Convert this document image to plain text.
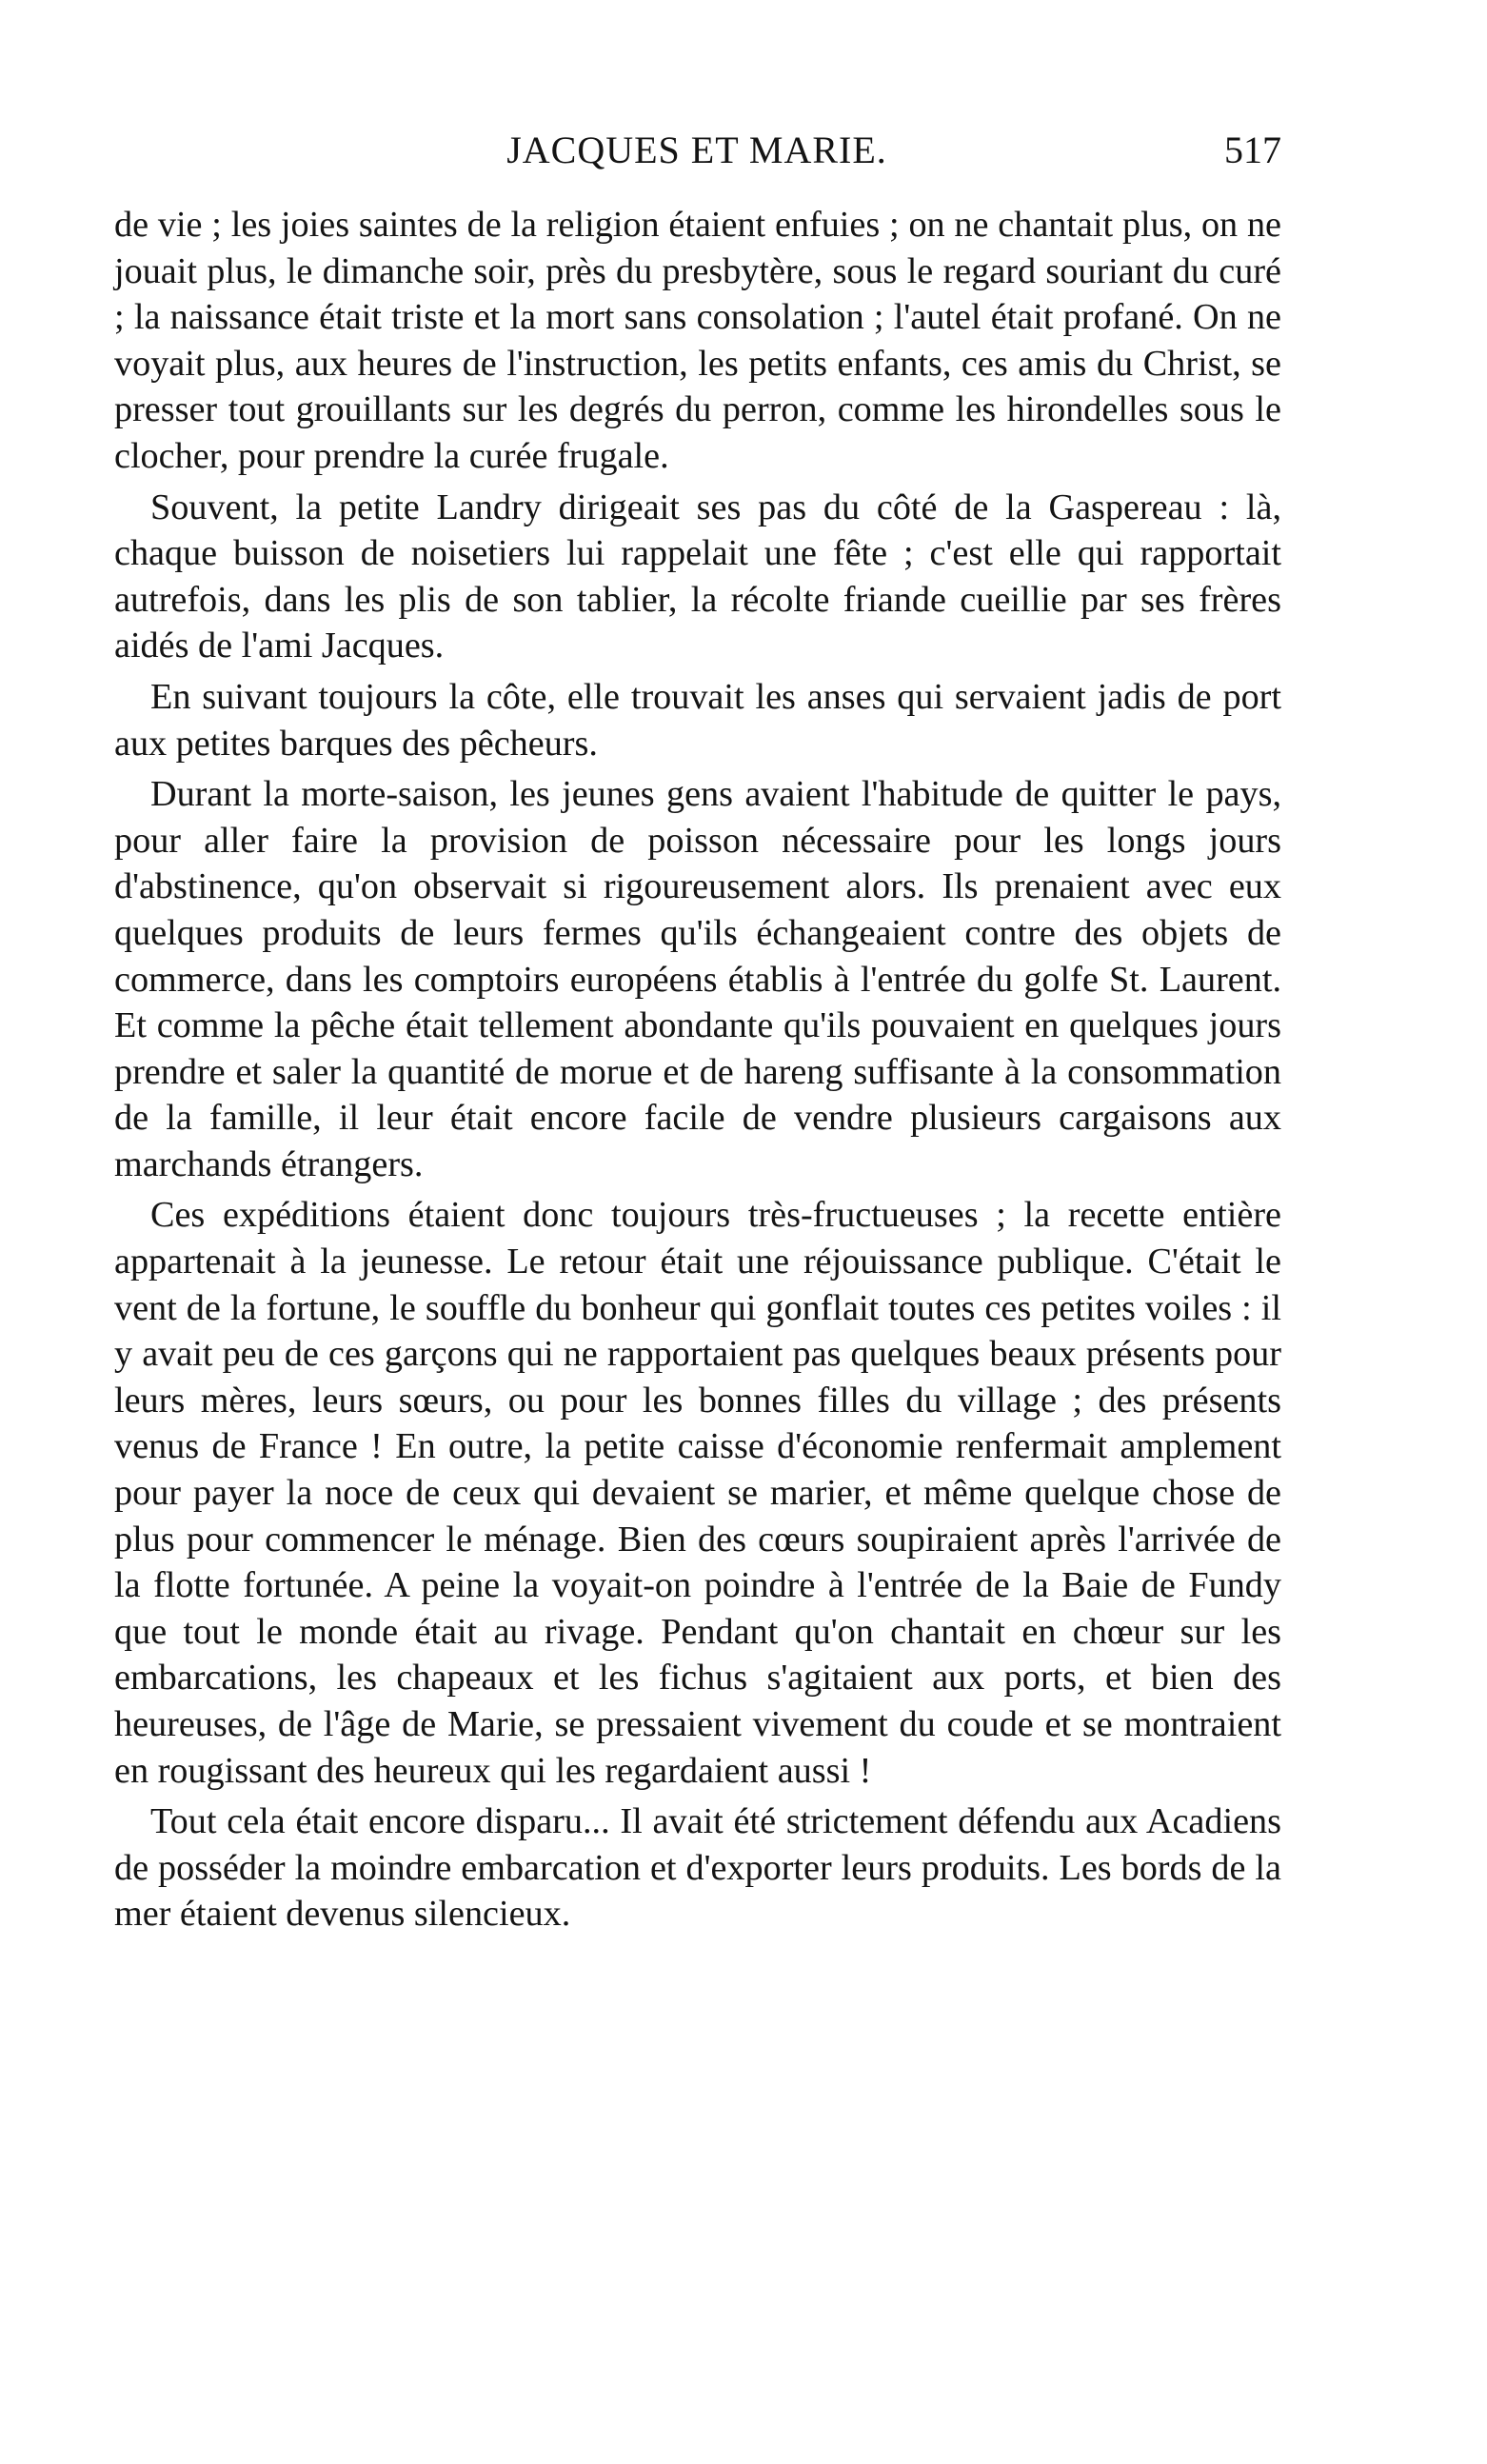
JACQUES ET MARIE.	517

de vie ; les joies saintes de la religion étaient enfuies ; on ne chantait plus, on ne jouait plus, le dimanche soir, près du presbytère, sous le regard souriant du curé ; la naissance était triste et la mort sans consolation ; l'autel était profané. On ne voyait plus, aux heures de l'instruction, les petits enfants, ces amis du Christ, se presser tout grouillants sur les degrés du perron, comme les hirondelles sous le clocher, pour prendre la curée frugale.

Souvent, la petite Landry dirigeait ses pas du côté de la Gaspereau : là, chaque buisson de noisetiers lui rappelait une fête ; c'est elle qui rapportait autrefois, dans les plis de son tablier, la récolte friande cueillie par ses frères aidés de l'ami Jacques.

En suivant toujours la côte, elle trouvait les anses qui servaient jadis de port aux petites barques des pêcheurs.

Durant la morte-saison, les jeunes gens avaient l'habitude de quitter le pays, pour aller faire la provision de poisson nécessaire pour les longs jours d'abstinence, qu'on observait si rigoureusement alors. Ils prenaient avec eux quelques produits de leurs fermes qu'ils échangeaient contre des objets de commerce, dans les comptoirs européens établis à l'entrée du golfe St. Laurent. Et comme la pêche était tellement abondante qu'ils pouvaient en quelques jours prendre et saler la quantité de morue et de hareng suffisante à la consommation de la famille, il leur était encore facile de vendre plusieurs cargaisons aux marchands étrangers.

Ces expéditions étaient donc toujours très-fructueuses ; la recette entière appartenait à la jeunesse. Le retour était une réjouissance publique. C'était le vent de la fortune, le souffle du bonheur qui gonflait toutes ces petites voiles : il y avait peu de ces garçons qui ne rapportaient pas quelques beaux présents pour leurs mères, leurs sœurs, ou pour les bonnes filles du village ; des présents venus de France ! En outre, la petite caisse d'économie renfermait amplement pour payer la noce de ceux qui devaient se marier, et même quelque chose de plus pour commencer le ménage. Bien des cœurs soupiraient après l'arrivée de la flotte fortunée. A peine la voyait-on poindre à l'entrée de la Baie de Fundy que tout le monde était au rivage. Pendant qu'on chantait en chœur sur les embarcations, les chapeaux et les fichus s'agitaient aux ports, et bien des heureuses, de l'âge de Marie, se pressaient vivement du coude et se montraient en rougissant des heureux qui les regardaient aussi !

Tout cela était encore disparu... Il avait été strictement défendu aux Acadiens de posséder la moindre embarcation et d'exporter leurs produits. Les bords de la mer étaient devenus silencieux.
